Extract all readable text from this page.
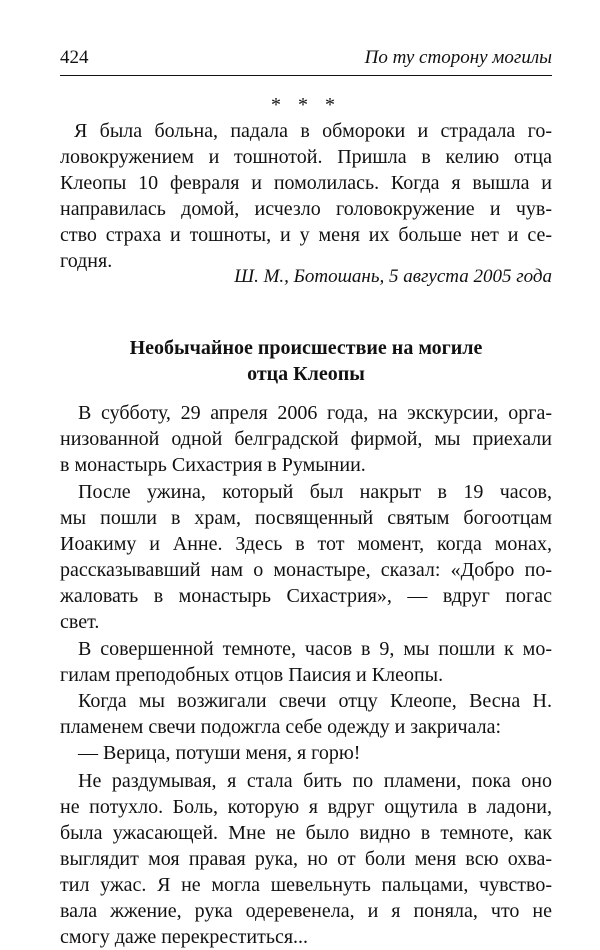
424	По ту сторону могилы
* * *
Я была больна, падала в обмороки и страдала го-
ловокружением и тошнотой. Пришла в келию отца
Клеопы 10 февраля и помолилась. Когда я вышла и
направилась домой, исчезло головокружение и чув-
ство страха и тошноты, и у меня их больше нет и се-
годня.
Ш. М., Ботошань, 5 августа 2005 года
Необычайное происшествие на могиле
отца Клеопы
В субботу, 29 апреля 2006 года, на экскурсии, орга-
низованной одной белградской фирмой, мы приехали
в монастырь Сихастрия в Румынии.
После ужина, который был накрыт в 19 часов,
мы пошли в храм, посвященный святым богоотцам
Иоакиму и Анне. Здесь в тот момент, когда монах,
рассказывавший нам о монастыре, сказал: «Добро по-
жаловать в монастырь Сихастрия», — вдруг погас
свет.
В совершенной темноте, часов в 9, мы пошли к мо-
гилам преподобных отцов Паисия и Клеопы.
Когда мы возжигали свечи отцу Клеопе, Весна Н.
пламенем свечи подожгла себе одежду и закричала:
— Верица, потуши меня, я горю!
Не раздумывая, я стала бить по пламени, пока оно
не потухло. Боль, которую я вдруг ощутила в ладони,
была ужасающей. Мне не было видно в темноте, как
выглядит моя правая рука, но от боли меня всю охва-
тил ужас. Я не могла шевельнуть пальцами, чувство-
вала жжение, рука одеревенела, и я поняла, что не
смогу даже перекреститься...
